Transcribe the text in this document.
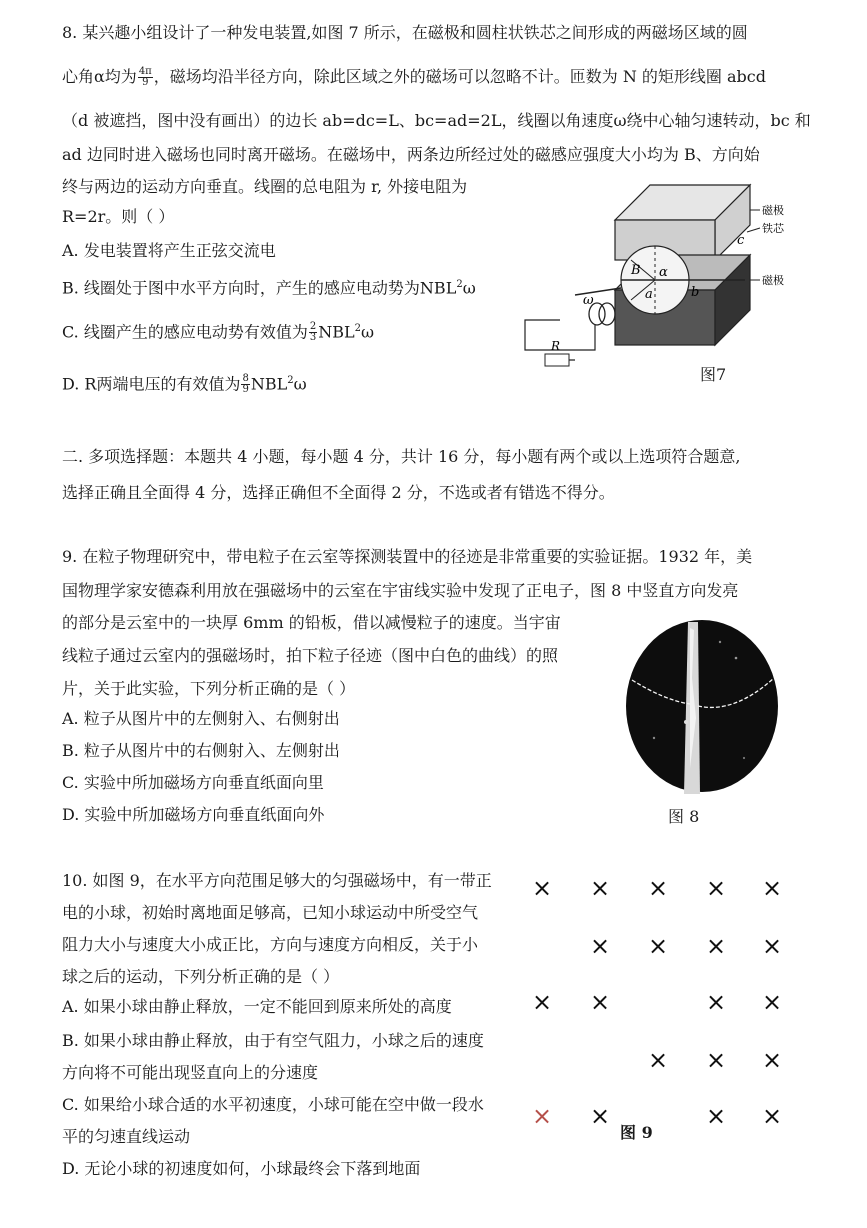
8. 某兴趣小组设计了一种发电装置,如图 7 所示，在磁极和圆柱状铁芯之间形成的两磁场区域的圆
心角α均为 $\frac{4\pi}{9}$ ，磁场均沿半径方向，除此区域之外的磁场可以忽略不计。匝数为 N 的矩形线圈 abcd
（d 被遮挡，图中没有画出）的边长 ab=dc=L、bc=ad=2L，线圈以角速度ω绕中心轴匀速转动，bc 和
ad 边同时进入磁场也同时离开磁场。在磁场中，两条边所经过处的磁感应强度大小均为 B、方向始
终与两边的运动方向垂直。线圈的总电阻为 r, 外接电阻为
R=2r。则（ ）
A. 发电装置将产生正弦交流电
B. 线圈处于图中水平方向时，产生的感应电动势为NBL$^2$ω
C. 线圈产生的感应电动势有效值为 $\frac{2}{3} NBL^2\omega$
D. R两端电压的有效值为 $\frac{8}{9} NBL^2\omega$
磁极
铁芯
磁极
B
a
α
b
c
ω
R
图7
二. 多项选择题：本题共 4 小题，每小题 4 分，共计 16 分，每小题有两个或以上选项符合题意,
选择正确且全面得 4 分，选择正确但不全面得 2 分，不选或者有错选不得分。
9. 在粒子物理研究中，带电粒子在云室等探测装置中的径迹是非常重要的实验证据。1932 年，美
国物理学家安德森利用放在强磁场中的云室在宇宙线实验中发现了正电子，图 8 中竖直方向发亮
的部分是云室中的一块厚 6mm 的铅板，借以减慢粒子的速度。当宇宙
线粒子通过云室内的强磁场时，拍下粒子径迹（图中白色的曲线）的照
片，关于此实验，下列分析正确的是（ ）
A. 粒子从图片中的左侧射入、右侧射出
B. 粒子从图片中的右侧射入、左侧射出
C. 实验中所加磁场方向垂直纸面向里
D. 实验中所加磁场方向垂直纸面向外	图 8
10. 如图 9，在水平方向范围足够大的匀强磁场中，有一带正
电的小球，初始时离地面足够高，已知小球运动中所受空气
阻力大小与速度大小成正比，方向与速度方向相反，关于小
球之后的运动，下列分析正确的是（ ）
A. 如果小球由静止释放，一定不能回到原来所处的高度
B. 如果小球由静止释放，由于有空气阻力，小球之后的速度
方向将不可能出现竖直向上的分速度
C. 如果给小球合适的水平初速度，小球可能在空中做一段水
平的匀速直线运动
D. 无论小球的初速度如何，小球最终会下落到地面
× × × × ×
× × × ×
× ×	× ×
× × ×
× ×	× ×
图 9
